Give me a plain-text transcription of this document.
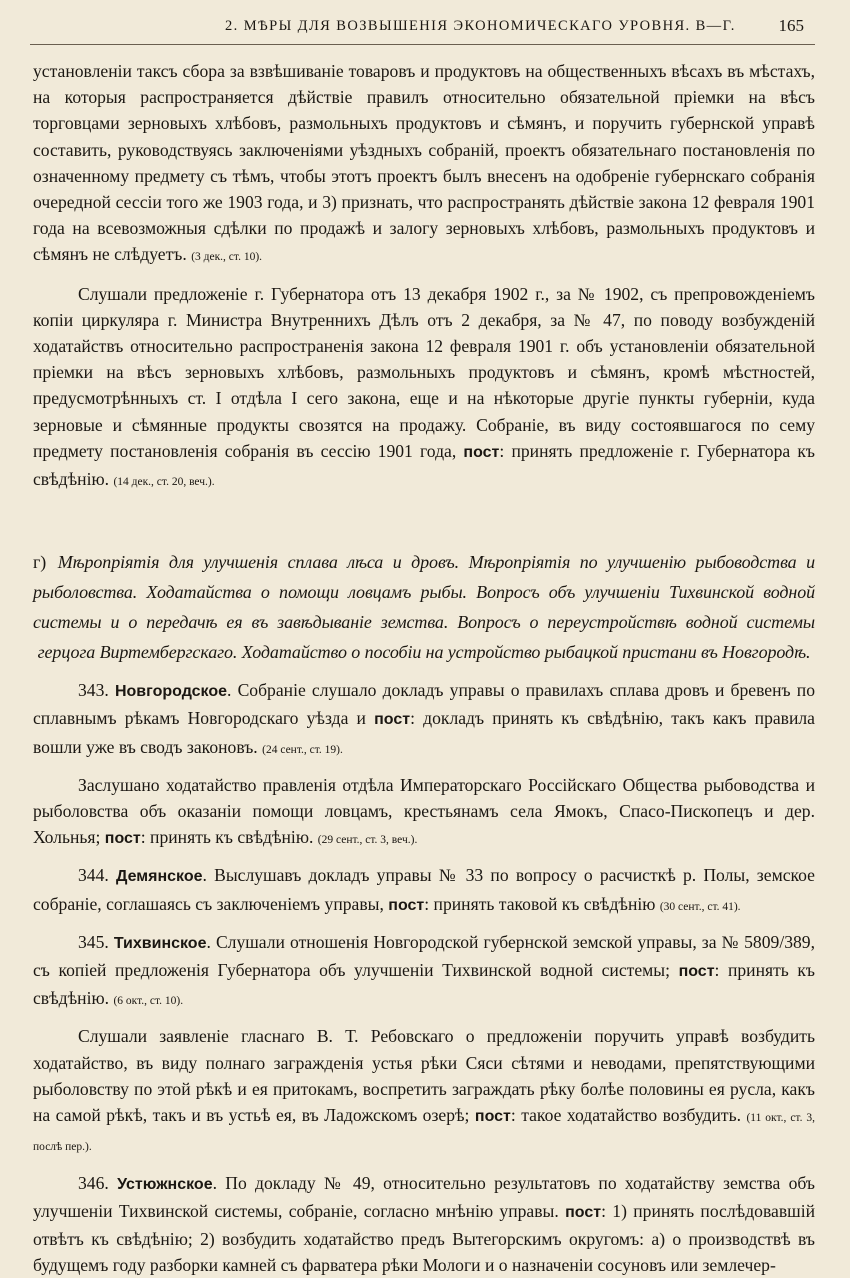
2. МѢРЫ ДЛЯ ВОЗВЫШЕНІЯ ЭКОНОМИЧЕСКАГО УРОВНЯ. В—Г.	165

установленіи таксъ сбора за взвѣшиваніе товаровъ и продуктовъ на общественныхъ вѣсахъ въ мѣстахъ, на которыя распространяется дѣйствіе правилъ относительно обязательной пріемки на вѣсъ торговцами зерновыхъ хлѣбовъ, размольныхъ продуктовъ и сѣмянъ, и поручить губернской управѣ составить, руководствуясь заключеніями уѣздныхъ собраній, проектъ обязательнаго постановленія по означенному предмету съ тѣмъ, чтобы этотъ проектъ былъ внесенъ на одобреніе губернскаго собранія очередной сессіи того же 1903 года, и 3) признать, что распространять дѣйствіе закона 12 февраля 1901 года на всевозможныя сдѣлки по продажѣ и залогу зерновыхъ хлѣбовъ, размольныхъ продуктовъ и сѣмянъ не слѣдуетъ. (3 дек., ст. 10).

Слушали предложеніе г. Губернатора отъ 13 декабря 1902 г., за № 1902, съ препровожденіемъ копіи циркуляра г. Министра Внутреннихъ Дѣлъ отъ 2 декабря, за № 47, по поводу возбужденій ходатайствъ относительно распространенія закона 12 февраля 1901 г. объ установленіи обязательной пріемки на вѣсъ зерновыхъ хлѣбовъ, размольныхъ продуктовъ и сѣмянъ, кромѣ мѣстностей, предусмотрѣнныхъ ст. I отдѣла I сего закона, еще и на нѣкоторые другіе пункты губерніи, куда зерновые и сѣмянные продукты свозятся на продажу. Собраніе, въ виду состоявшагося по сему предмету постановленія собранія въ сессію 1901 года, пост: принять предложеніе г. Губернатора къ свѣдѣнію. (14 дек., ст. 20, веч.).

г) Мѣропріятія для улучшенія сплава лѣса и дровъ. Мѣропріятія по улучшенію рыбоводства и рыболовства. Ходатайства о помощи ловцамъ рыбы. Вопросъ объ улучшеніи Тихвинской водной системы и о передачѣ ея въ завѣдываніе земства. Вопросъ о переустройствѣ водной системы герцога Виртембергскаго. Ходатайство о пособіи на устройство рыбацкой пристани въ Новгородѣ.

343. Новгородское. Собраніе слушало докладъ управы о правилахъ сплава дровъ и бревенъ по сплавнымъ рѣкамъ Новгородскаго уѣзда и пост: докладъ принять къ свѣдѣнію, такъ какъ правила вошли уже въ сводъ законовъ. (24 сент., ст. 19).

Заслушано ходатайство правленія отдѣла Императорскаго Россійскаго Общества рыбоводства и рыболовства объ оказаніи помощи ловцамъ, крестьянамъ села Ямокъ, Спасо-Пископецъ и дер. Хольнья; пост: принять къ свѣдѣнію. (29 сент., ст. 3, веч.).

344. Демянское. Выслушавъ докладъ управы № 33 по вопросу о расчисткѣ р. Полы, земское собраніе, соглашаясь съ заключеніемъ управы, пост: принять таковой къ свѣдѣнію (30 сент., ст. 41).

345. Тихвинское. Слушали отношенія Новгородской губернской земской управы, за № 5809/389, съ копіей предложенія Губернатора объ улучшеніи Тихвинской водной системы; пост: принять къ свѣдѣнію. (6 окт., ст. 10).

Слушали заявленіе гласнаго В. Т. Ребовскаго о предложеніи поручить управѣ возбудить ходатайство, въ виду полнаго загражденія устья рѣки Сяси сѣтями и неводами, препятствующими рыболовству по этой рѣкѣ и ея притокамъ, воспретить заграждать рѣку болѣе половины ея русла, какъ на самой рѣкѣ, такъ и въ устьѣ ея, въ Ладожскомъ озерѣ; пост: такое ходатайство возбудить. (11 окт., ст. 3, послѣ пер.).

346. Устюжнское. По докладу № 49, относительно результатовъ по ходатайству земства объ улучшеніи Тихвинской системы, собраніе, согласно мнѣнію управы. пост: 1) принять послѣдовавшій отвѣтъ къ свѣдѣнію; 2) возбудить ходатайство предъ Вытегорскимъ округомъ: а) о производствѣ въ будущемъ году разборки камней съ фарватера рѣки Мологи и о назначеніи сосуновъ или землечер-
